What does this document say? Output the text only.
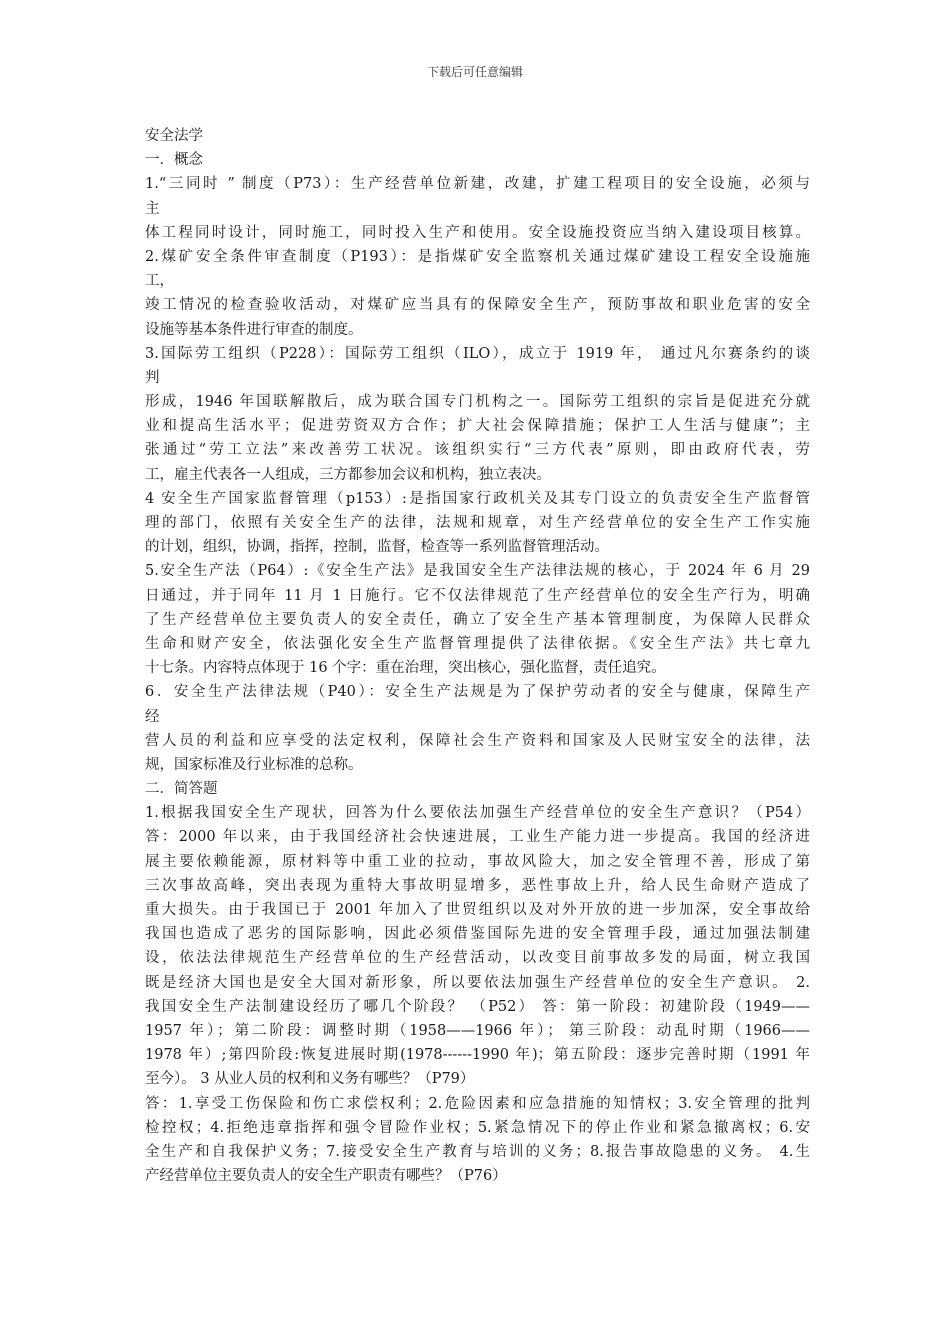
下载后可任意编辑
安全法学
一．概念
1.“三同时 ” 制度（P73）：生产经营单位新建，改建，扩建工程项目的安全设施，必须与
主
体工程同时设计，同时施工，同时投入生产和使用。安全设施投资应当纳入建设项目核算。
2.煤矿安全条件审查制度（P193）：是指煤矿安全监察机关通过煤矿建设工程安全设施施
工，
竣工情况的检查验收活动，对煤矿应当具有的保障安全生产，预防事故和职业危害的安全
设施等基本条件进行审查的制度。
3.国际劳工组织（P228）：国际劳工组织（ILO），成立于 1919 年， 通过凡尔赛条约的谈
判
形成，1946 年国联解散后，成为联合国专门机构之一。国际劳工组织的宗旨是促进充分就
业和提高生活水平；促进劳资双方合作；扩大社会保障措施；保护工人生活与健康”；主
张通过“劳工立法”来改善劳工状况。该组织实行“三方代表”原则，即由政府代表，劳
工，雇主代表各一人组成，三方都参加会议和机构，独立表决。
4 安全生产国家监督管理（p153）:是指国家行政机关及其专门设立的负责安全生产监督管
理的部门，依照有关安全生产的法律，法规和规章，对生产经营单位的安全生产工作实施
的计划，组织，协调，指挥，控制，监督，检查等一系列监督管理活动。
5.安全生产法（P64）:《安全生产法》是我国安全生产法律法规的核心，于 2024 年 6 月 29
日通过，并于同年 11 月 1 日施行。它不仅法律规范了生产经营单位的安全生产行为，明确
了生产经营单位主要负责人的安全责任，确立了安全生产基本管理制度，为保障人民群众
生命和财产安全，依法强化安全生产监督管理提供了法律依据。《安全生产法》共七章九
十七条。内容特点体现于 16 个字：重在治理，突出核心，强化监督，责任追究。
6．安全生产法律法规（P40）：安全生产法规是为了保护劳动者的安全与健康，保障生产
经
营人员的利益和应享受的法定权利，保障社会生产资料和国家及人民财宝安全的法律，法
规，国家标准及行业标准的总称。
二．简答题
1.根据我国安全生产现状，回答为什么要依法加强生产经营单位的安全生产意识？（P54）
答：2000 年以来，由于我国经济社会快速进展，工业生产能力进一步提高。我国的经济进
展主要依赖能源，原材料等中重工业的拉动，事故风险大，加之安全管理不善，形成了第
三次事故高峰，突出表现为重特大事故明显增多，恶性事故上升，给人民生命财产造成了
重大损失。由于我国已于 2001 年加入了世贸组织以及对外开放的进一步加深，安全事故给
我国也造成了恶劣的国际影响，因此必须借鉴国际先进的安全管理手段，通过加强法制建
设，依法法律规范生产经营单位的生产经营活动，以改变目前事故多发的局面，树立我国
既是经济大国也是安全大国对新形象，所以要依法加强生产经营单位的安全生产意识。 2.
我国安全生产法制建设经历了哪几个阶段？ （P52） 答：第一阶段：初建阶段（1949——
1957 年）；第二阶段：调整时期（1958——1966 年）； 第三阶段：动乱时期（1966——
1978 年）;第四阶段:恢复进展时期(1978------1990 年)；第五阶段：逐步完善时期（1991 年
至今）。 3 从业人员的权利和义务有哪些？（P79）
答：1.享受工伤保险和伤亡求偿权利；2.危险因素和应急措施的知情权；3.安全管理的批判
检控权；4.拒绝违章指挥和强令冒险作业权；5.紧急情况下的停止作业和紧急撤离权；6.安
全生产和自我保护义务；7.接受安全生产教育与培训的义务；8.报告事故隐患的义务。 4.生
产经营单位主要负责人的安全生产职责有哪些？（P76）
